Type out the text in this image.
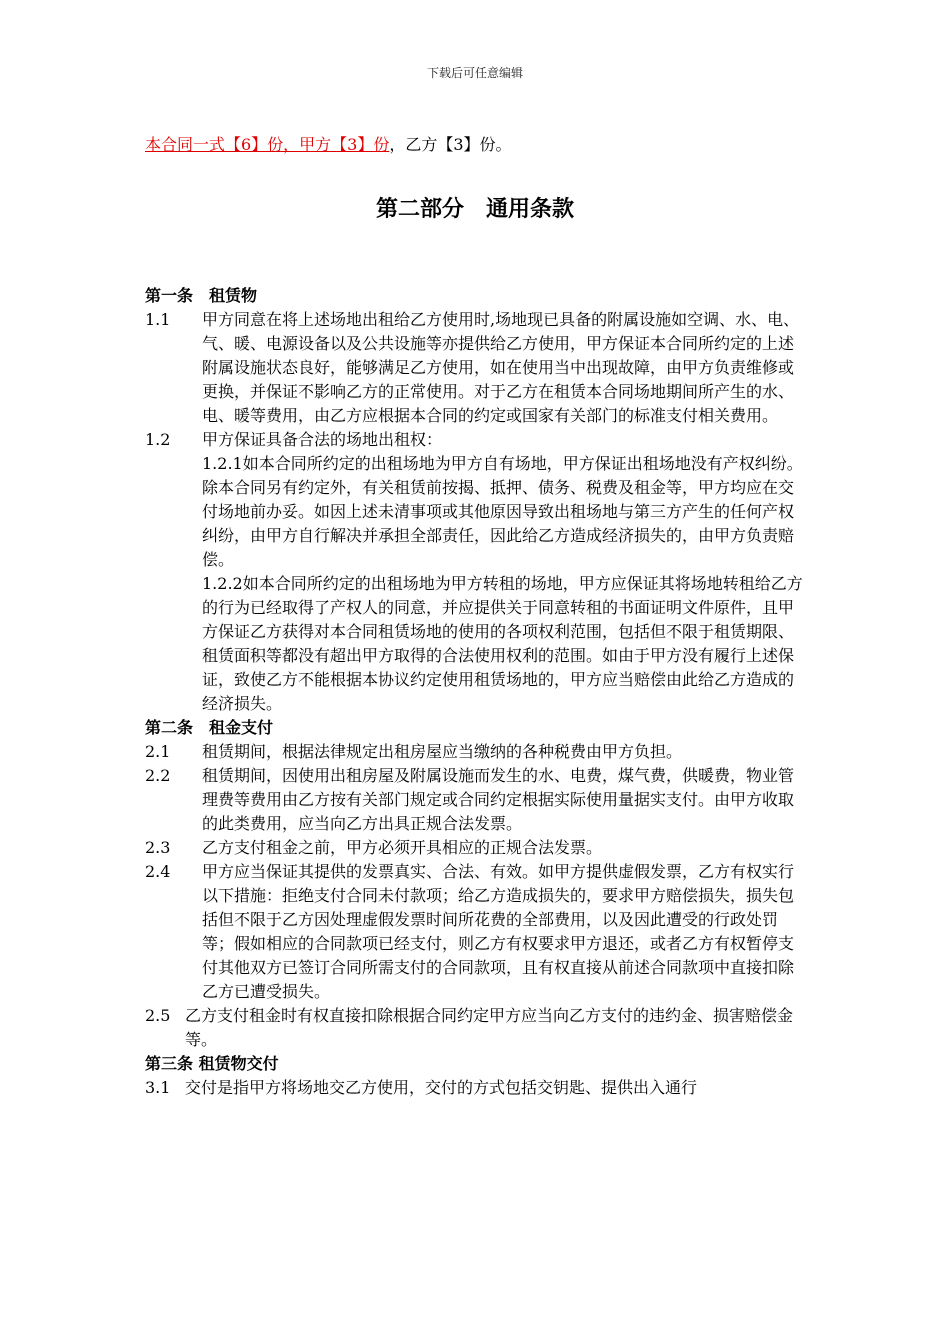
下载后可任意编辑

本合同一式【6】份，甲方【3】份，乙方【3】份。

第二部分　通用条款
第一条　租赁物
1.1 甲方同意在将上述场地出租给乙方使用时,场地现已具备的附属设施如空调、水、电、气、暖、电源设备以及公共设施等亦提供给乙方使用，甲方保证本合同所约定的上述附属设施状态良好，能够满足乙方使用，如在使用当中出现故障，由甲方负责维修或更换，并保证不影响乙方的正常使用。对于乙方在租赁本合同场地期间所产生的水、电、暖等费用，由乙方应根据本合同的约定或国家有关部门的标准支付相关费用。

1.2 甲方保证具备合法的场地出租权：

1.2.1如本合同所约定的出租场地为甲方自有场地，甲方保证出租场地没有产权纠纷。除本合同另有约定外，有关租赁前按揭、抵押、债务、税费及租金等，甲方均应在交付场地前办妥。如因上述未清事项或其他原因导致出租场地与第三方产生的任何产权纠纷，由甲方自行解决并承担全部责任，因此给乙方造成经济损失的，由甲方负责赔偿。

1.2.2如本合同所约定的出租场地为甲方转租的场地，甲方应保证其将场地转租给乙方的行为已经取得了产权人的同意，并应提供关于同意转租的书面证明文件原件，且甲方保证乙方获得对本合同租赁场地的使用的各项权利范围，包括但不限于租赁期限、租赁面积等都没有超出甲方取得的合法使用权利的范围。如由于甲方没有履行上述保证，致使乙方不能根据本协议约定使用租赁场地的，甲方应当赔偿由此给乙方造成的经济损失。

第二条　租金支付
2.1 租赁期间，根据法律规定出租房屋应当缴纳的各种税费由甲方负担。

2.2 租赁期间，因使用出租房屋及附属设施而发生的水、电费，煤气费，供暖费，物业管理费等费用由乙方按有关部门规定或合同约定根据实际使用量据实支付。由甲方收取的此类费用，应当向乙方出具正规合法发票。

2.3 乙方支付租金之前，甲方必须开具相应的正规合法发票。

2.4 甲方应当保证其提供的发票真实、合法、有效。如甲方提供虚假发票，乙方有权实行以下措施：拒绝支付合同未付款项；给乙方造成损失的，要求甲方赔偿损失，损失包括但不限于乙方因处理虚假发票时间所花费的全部费用，以及因此遭受的行政处罚等；假如相应的合同款项已经支付，则乙方有权要求甲方退还，或者乙方有权暂停支付其他双方已签订合同所需支付的合同款项，且有权直接从前述合同款项中直接扣除乙方已遭受损失。

2.5 乙方支付租金时有权直接扣除根据合同约定甲方应当向乙方支付的违约金、损害赔偿金等。

第三条 租赁物交付
3.1 交付是指甲方将场地交乙方使用，交付的方式包括交钥匙、提供出入通行
